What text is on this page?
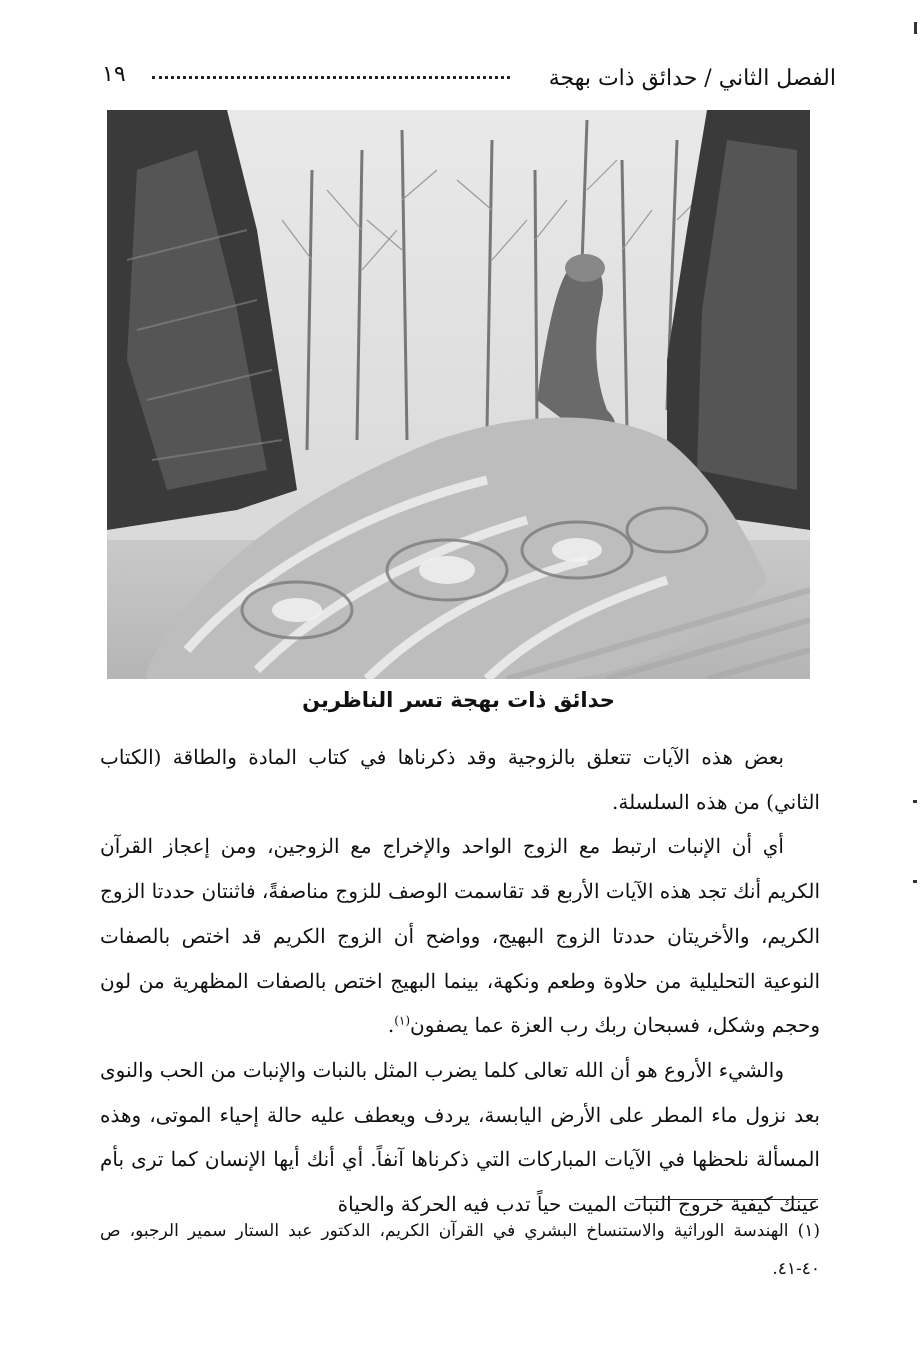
الفصل الثاني / حدائق ذات بهجة
١٩
حدائق ذات بهجة تسر الناظرين

بعض هذه الآيات تتعلق بالزوجية وقد ذكرناها في كتاب المادة والطاقة (الكتاب الثاني) من هذه السلسلة.

أي أن الإنبات ارتبط مع الزوج الواحد والإخراج مع الزوجين، ومن إعجاز القرآن الكريم أنك تجد هذه الآيات الأربع قد تقاسمت الوصف للزوج مناصفةً، فاثنتان حددتا الزوج الكريم، والأخريتان حددتا الزوج البهيج، وواضح أن الزوج الكريم قد اختص بالصفات النوعية التحليلية من حلاوة وطعم ونكهة، بينما البهيج اختص بالصفات المظهرية من لون وحجم وشكل، فسبحان ربك رب العزة عما يصفون$^{(١)}$.

والشيء الأروع هو أن الله تعالى كلما يضرب المثل بالنبات والإنبات من الحب والنوى بعد نزول ماء المطر على الأرض اليابسة، يردف ويعطف عليه حالة إحياء الموتى، وهذه المسألة نلحظها في الآيات المباركات التي ذكرناها آنفاً. أي أنك أيها الإنسان كما ترى بأم عينك كيفية خروج النبات الميت حياً تدب فيه الحركة والحياة

(١) الهندسة الوراثية والاستنساخ البشري في القرآن الكريم، الدكتور عبد الستار سمير الرجبو، ص ٤٠-٤١.
